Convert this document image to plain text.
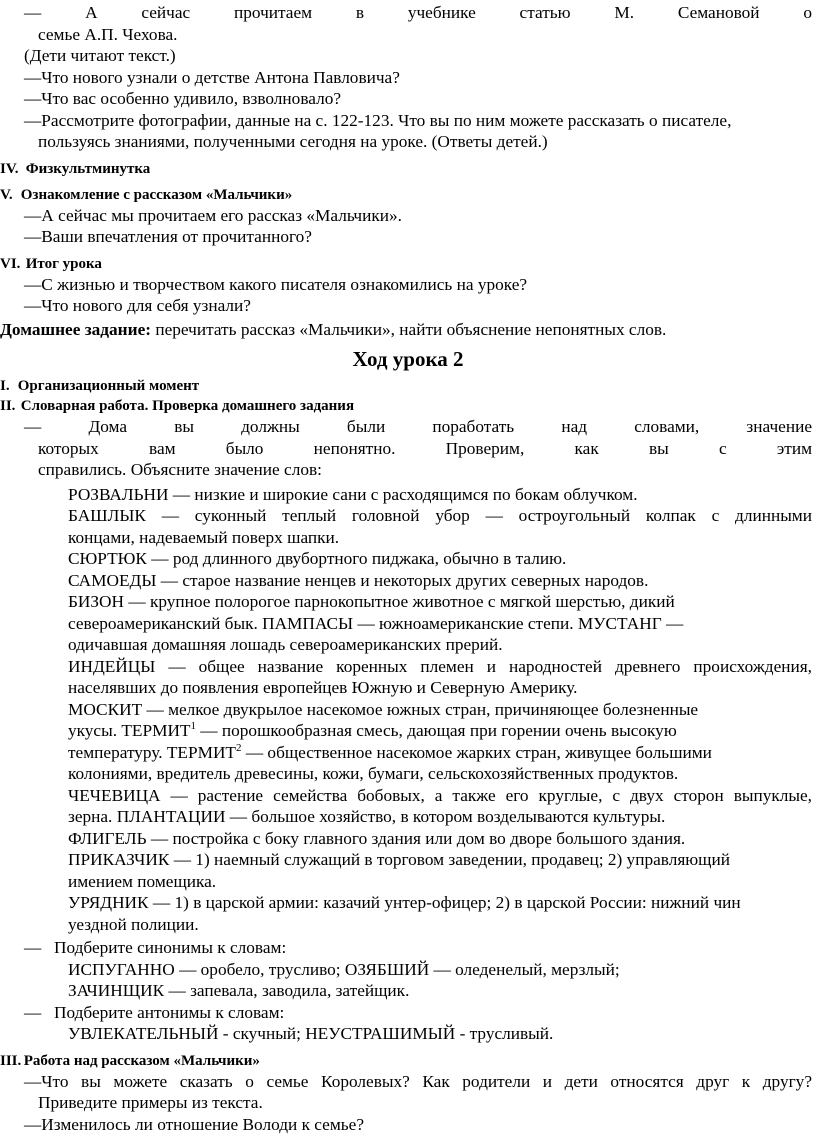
— А сейчас прочитаем в учебнике статью М. Семановой о

семье А.П. Чехова.

(Дети читают текст.)

—Что нового узнали о детстве Антона Павловича?

—Что вас особенно удивило, взволновало?

—Рассмотрите фотографии, данные на с. 122-123. Что вы по ним можете рассказать о писателе,

пользуясь знаниями, полученными сегодня на уроке. (Ответы детей.)

IV. Физкультминутка

V. Ознакомление с рассказом «Мальчики»

—А сейчас мы прочитаем его рассказ «Мальчики».

—Ваши впечатления от прочитанного?

VI. Итог урока

—С жизнью и творчеством какого писателя ознакомились на уроке?

—Что нового для себя узнали?

Домашнее задание: перечитать рассказ «Мальчики», найти объяснение непонятных слов.

Ход урока 2

I. Организационный момент

II. Словарная работа. Проверка домашнего задания

— Дома вы должны были поработать над словами, значение

которых вам было непонятно. Проверим, как вы с этим

справились. Объясните значение слов:

РОЗВАЛЬНИ — низкие и широкие сани с расходящимся по бокам облучком.

БАШЛЫК — суконный теплый головной убор — остроугольный колпак с длинными

концами, надеваемый поверх шапки.

СЮРТЮК — род длинного двубортного пиджака, обычно в талию.

САМОЕДЫ — старое название ненцев и некоторых других северных народов.

БИЗОН — крупное полорогое парнокопытное животное с мягкой шерстью, дикий

североамериканский бык. ПАМПАСЫ — южноамериканские степи. МУСТАНГ —

одичавшая домашняя лошадь североамериканских прерий.

ИНДЕЙЦЫ — общее название коренных племен и народностей древнего происхождения,

населявших до появления европейцев Южную и Северную Америку.

МОСКИТ — мелкое двукрылое насекомое южных стран, причиняющее болезненные

укусы. ТЕРМИТ$^1$ — порошкообразная смесь, дающая при горении очень высокую

температуру. ТЕРМИТ$^2$ — общественное насекомое жарких стран, живущее большими

колониями, вредитель древесины, кожи, бумаги, сельскохозяйственных продуктов.

ЧЕЧЕВИЦА — растение семейства бобовых, а также его круглые, с двух сторон выпуклые,

зерна. ПЛАНТАЦИИ — большое хозяйство, в котором возделываются культуры.

ФЛИГЕЛЬ — постройка с боку главного здания или дом во дворе большого здания.

ПРИКАЗЧИК — 1) наемный служащий в торговом заведении, продавец; 2) управляющий

имением помещика.

УРЯДНИК — 1) в царской армии: казачий унтер-офицер; 2) в царской России: нижний чин

уездной полиции.

— Подберите синонимы к словам:

ИСПУГАННО — оробело, трусливо; ОЗЯБШИЙ — оледенелый, мерзлый;

ЗАЧИНЩИК — запевала, заводила, затейщик.

— Подберите антонимы к словам:

УВЛЕКАТЕЛЬНЫЙ - скучный; НЕУСТРАШИМЫЙ - трусливый.

III. Работа над рассказом «Мальчики»

—Что вы можете сказать о семье Королевых? Как родители и дети относятся друг к другу?

Приведите примеры из текста.

—Изменилось ли отношение Володи к семье?
